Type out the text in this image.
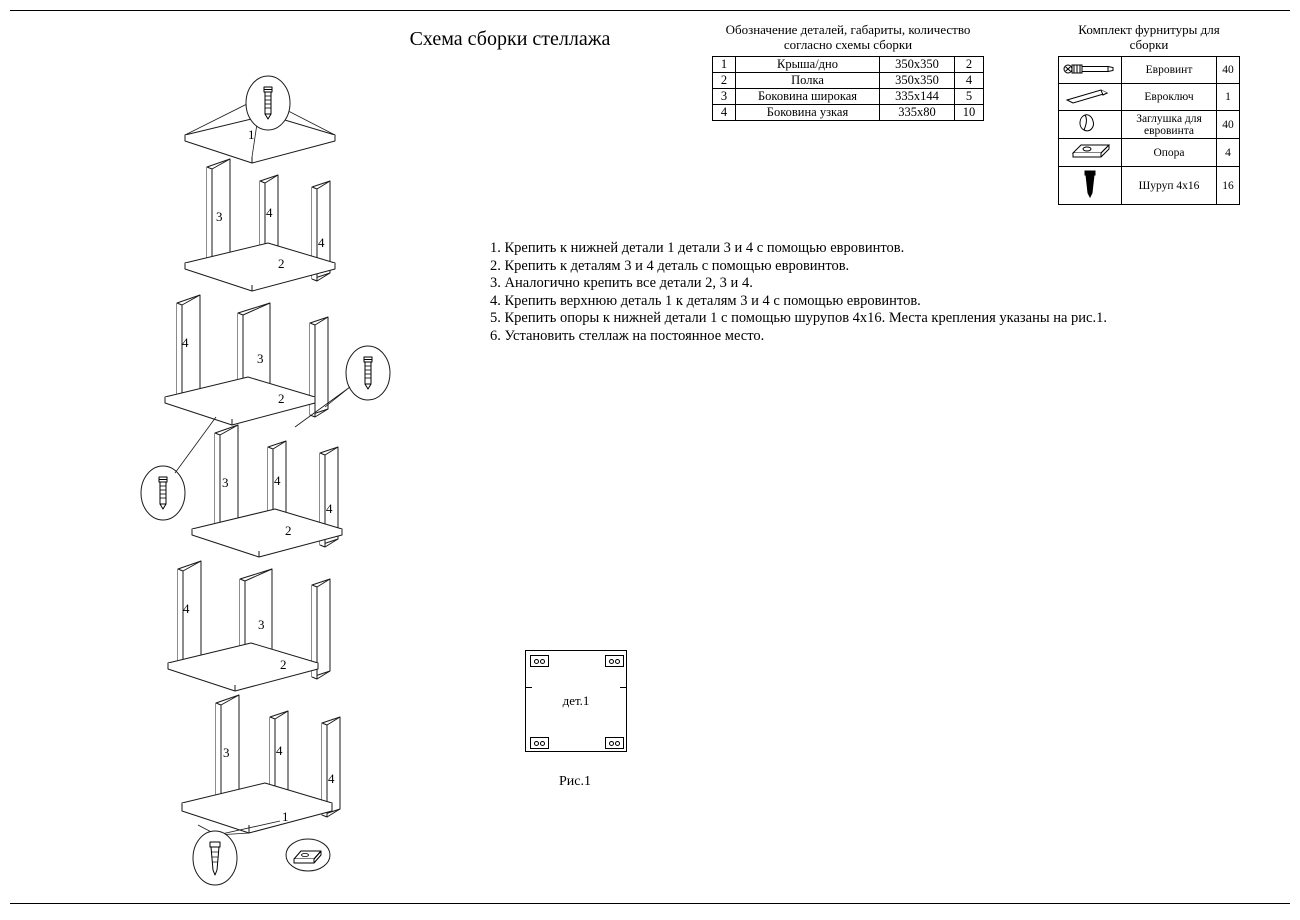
Схема сборки стеллажа	Обозначение деталей, габариты, количество
согласно схемы сборки
1	Крыша/дно	350х350	2
2	Полка	350х350	4
3	Боковина широкая	335х144	5
4	Боковина узкая	335х80	10
Комплект фурнитуры для сборки
	Евровинт	40
	Евроключ	1

Заглушка для
евровинта	40
	Опора	4
	Шуруп 4х16	16
1. Крепить к нижней детали 1 детали 3 и 4 с помощью евровинтов.
2. Крепить к деталям 3 и 4 деталь с помощью евровинтов.
3. Аналогично крепить все детали 2, 3 и 4.
4. Крепить верхнюю деталь 1 к деталям 3 и 4 с помощью евровинтов.
5. Крепить опоры к нижней детали 1 с помощью шурупов 4х16. Места крепления указаны на рис.1.
6. Установить стеллаж на постоянное место.
дет.1
Рис.1
1
3	4
4
2
4
3
2
3	4
4
2
4
3
2
3	4
4
1
